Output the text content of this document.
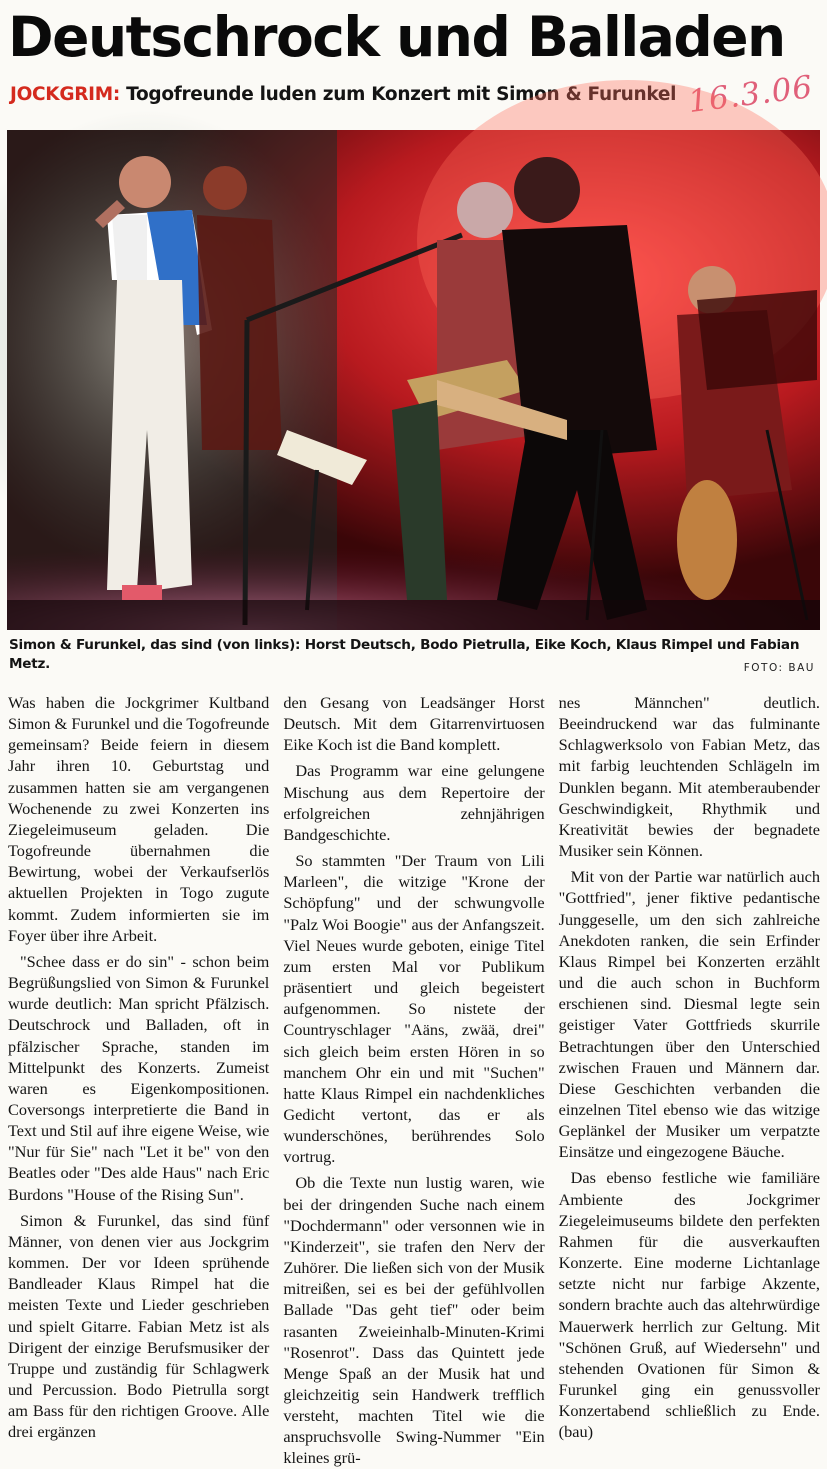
Deutschrock und Balladen
JOCKGRIM: Togofreunde luden zum Konzert mit Simon & Furunkel 16.3.06
Simon & Furunkel, das sind (von links): Horst Deutsch, Bodo Pietrulla, Eike Koch, Klaus Rimpel und Fabian Metz.	FOTO: BAU

Was haben die Jockgrimer Kultband Simon & Furunkel und die Togofreunde gemeinsam? Beide feiern in diesem Jahr ihren 10. Geburtstag und zusammen hatten sie am vergangenen Wochenende zu zwei Konzerten ins Ziegeleimuseum geladen. Die Togofreunde übernahmen die Bewirtung, wobei der Verkaufserlös aktuellen Projekten in Togo zugute kommt. Zudem informierten sie im Foyer über ihre Arbeit.

"Schee dass er do sin" - schon beim Begrüßungslied von Simon & Furunkel wurde deutlich: Man spricht Pfälzisch. Deutschrock und Balladen, oft in pfälzischer Sprache, standen im Mittelpunkt des Konzerts. Zumeist waren es Eigenkompositionen. Coversongs interpretierte die Band in Text und Stil auf ihre eigene Weise, wie "Nur für Sie" nach "Let it be" von den Beatles oder "Des alde Haus" nach Eric Burdons "House of the Rising Sun".

Simon & Furunkel, das sind fünf Männer, von denen vier aus Jockgrim kommen. Der vor Ideen sprühende Bandleader Klaus Rimpel hat die meisten Texte und Lieder geschrieben und spielt Gitarre. Fabian Metz ist als Dirigent der einzige Berufsmusiker der Truppe und zuständig für Schlagwerk und Percussion. Bodo Pietrulla sorgt am Bass für den richtigen Groove. Alle drei ergänzen

den Gesang von Leadsänger Horst Deutsch. Mit dem Gitarrenvirtuosen Eike Koch ist die Band komplett.

Das Programm war eine gelungene Mischung aus dem Repertoire der erfolgreichen zehnjährigen Bandgeschichte.

So stammten "Der Traum von Lili Marleen", die witzige "Krone der Schöpfung" und der schwungvolle "Palz Woi Boogie" aus der Anfangszeit. Viel Neues wurde geboten, einige Titel zum ersten Mal vor Publikum präsentiert und gleich begeistert aufgenommen. So nistete der Countryschlager "Aäns, zwää, drei" sich gleich beim ersten Hören in so manchem Ohr ein und mit "Suchen" hatte Klaus Rimpel ein nachdenkliches Gedicht vertont, das er als wunderschönes, berührendes Solo vortrug.

Ob die Texte nun lustig waren, wie bei der dringenden Suche nach einem "Dochdermann" oder versonnen wie in "Kinderzeit", sie trafen den Nerv der Zuhörer. Die ließen sich von der Musik mitreißen, sei es bei der gefühlvollen Ballade "Das geht tief" oder beim rasanten Zweieinhalb-Minuten-Krimi "Rosenrot". Dass das Quintett jede Menge Spaß an der Musik hat und gleichzeitig sein Handwerk trefflich versteht, machten Titel wie die anspruchsvolle Swing-Nummer "Ein kleines grü-

nes Männchen" deutlich. Beeindruckend war das fulminante Schlagwerksolo von Fabian Metz, das mit farbig leuchtenden Schlägeln im Dunklen begann. Mit atemberaubender Geschwindigkeit, Rhythmik und Kreativität bewies der begnadete Musiker sein Können.

Mit von der Partie war natürlich auch "Gottfried", jener fiktive pedantische Junggeselle, um den sich zahlreiche Anekdoten ranken, die sein Erfinder Klaus Rimpel bei Konzerten erzählt und die auch schon in Buchform erschienen sind. Diesmal legte sein geistiger Vater Gottfrieds skurrile Betrachtungen über den Unterschied zwischen Frauen und Männern dar. Diese Geschichten verbanden die einzelnen Titel ebenso wie das witzige Geplänkel der Musiker um verpatzte Einsätze und eingezogene Bäuche.

Das ebenso festliche wie familiäre Ambiente des Jockgrimer Ziegeleimuseums bildete den perfekten Rahmen für die ausverkauften Konzerte. Eine moderne Lichtanlage setzte nicht nur farbige Akzente, sondern brachte auch das altehrwürdige Mauerwerk herrlich zur Geltung. Mit "Schönen Gruß, auf Wiedersehn" und stehenden Ovationen für Simon & Furunkel ging ein genussvoller Konzertabend schließlich zu Ende. (bau)
